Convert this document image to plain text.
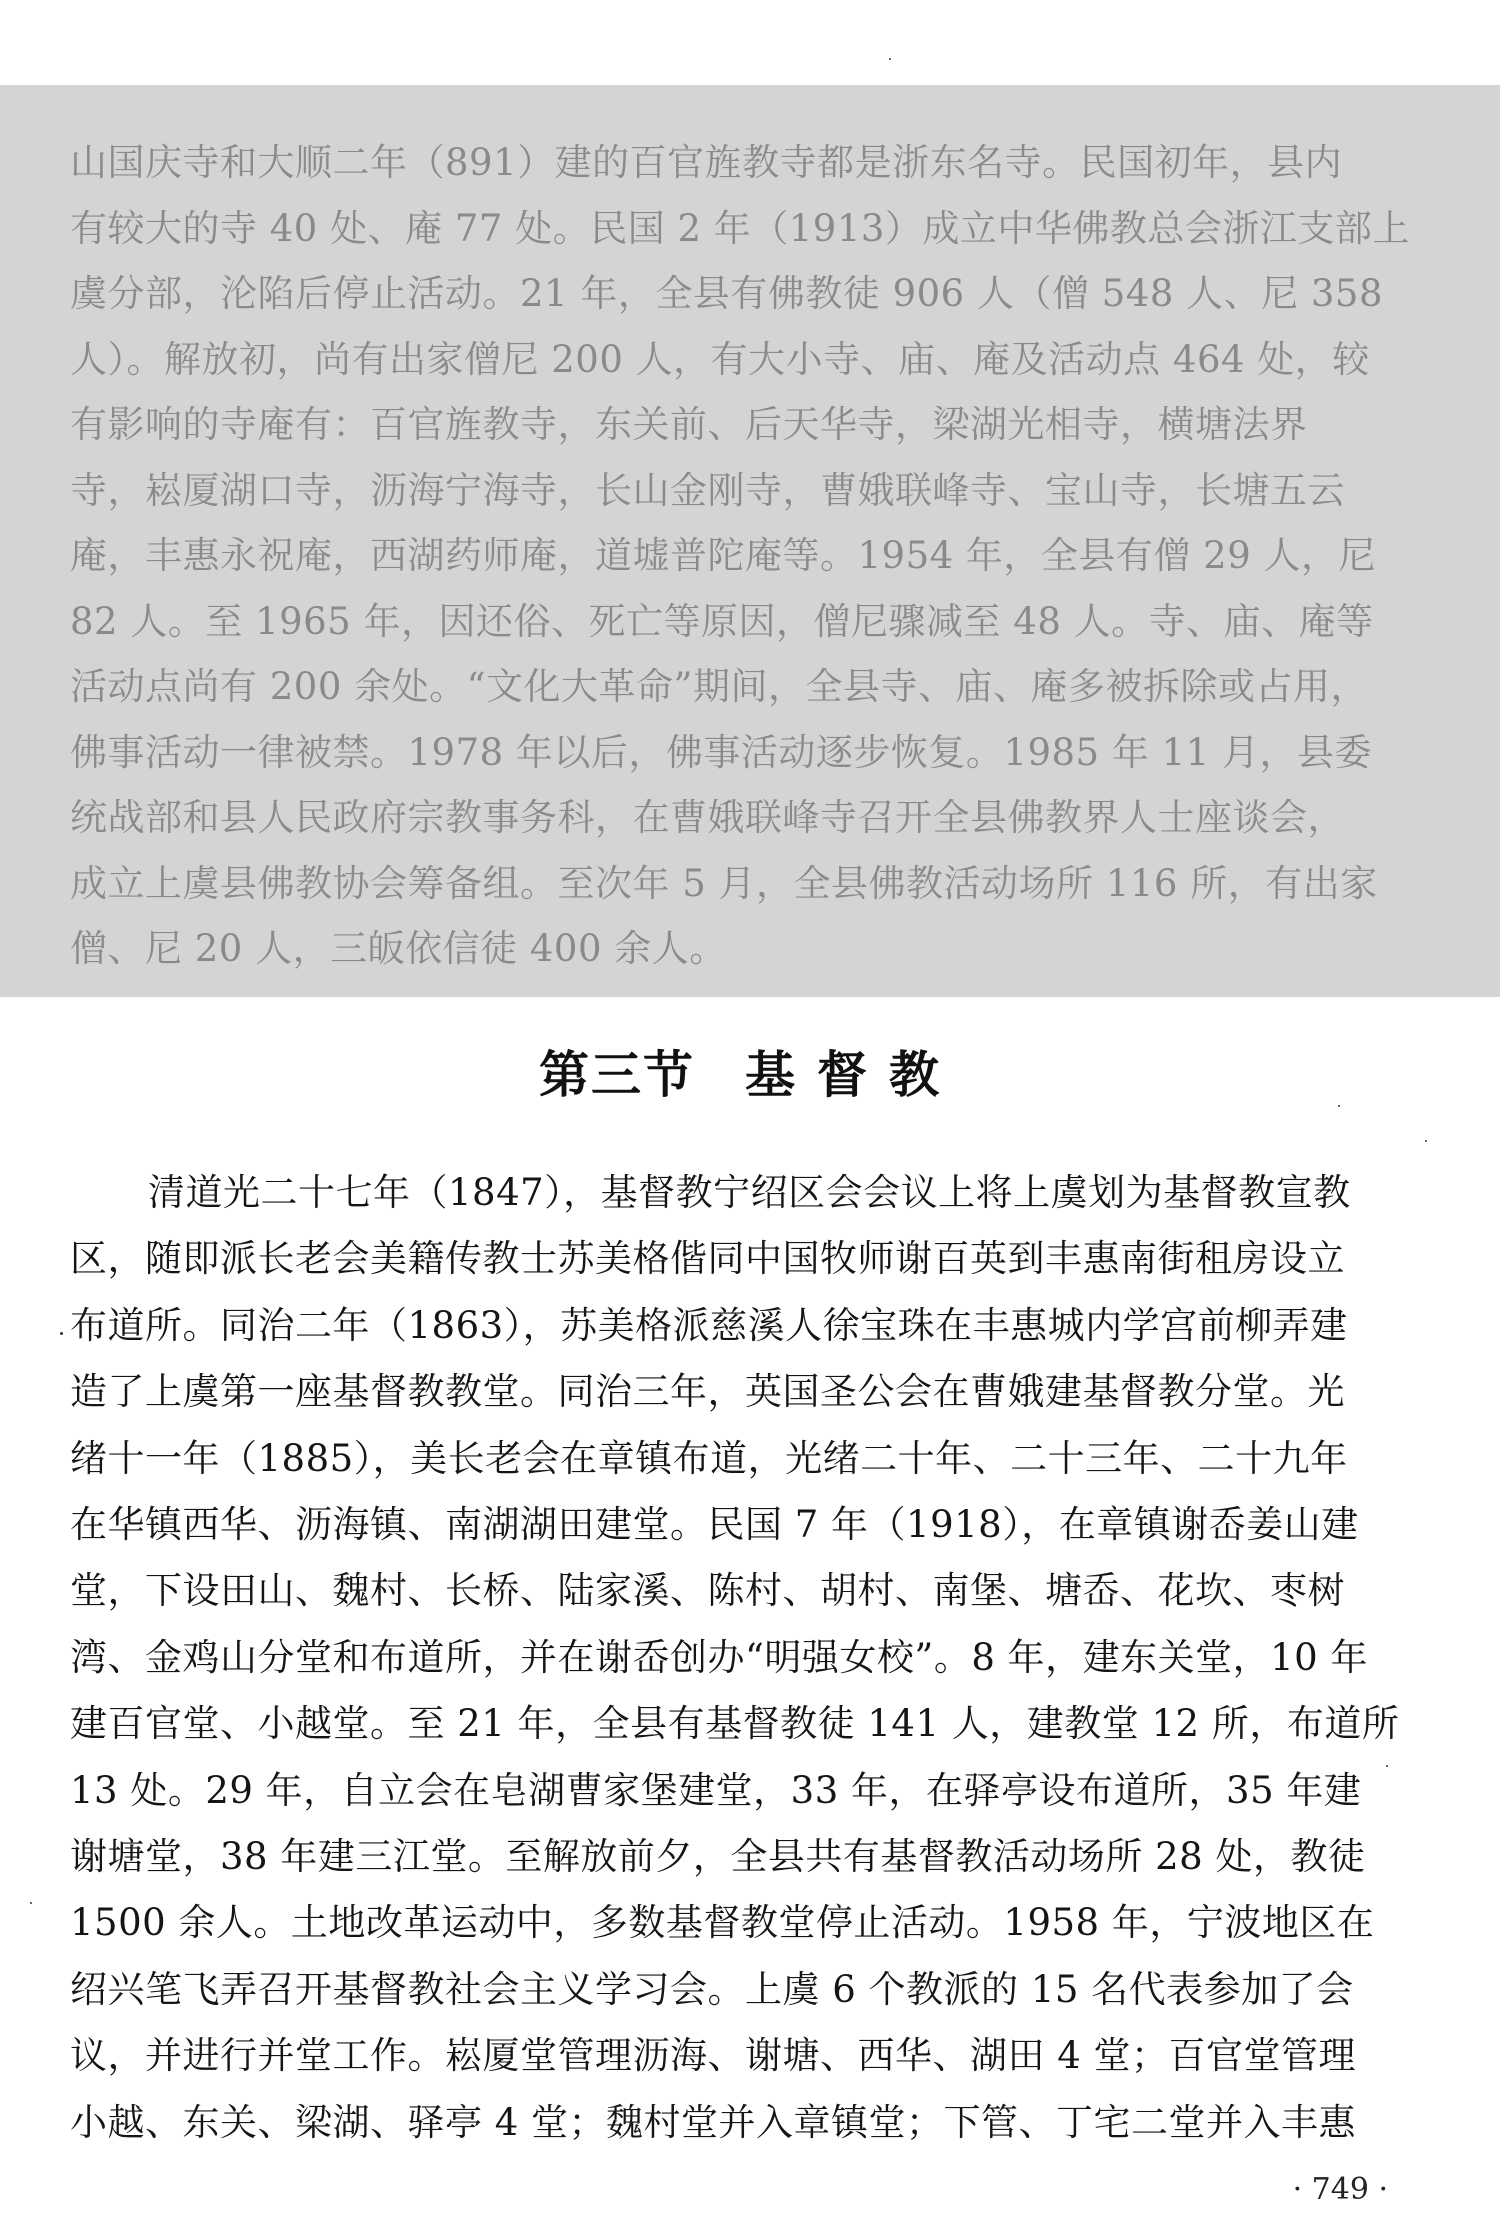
山国庆寺和大顺二年（891）建的百官旌教寺都是浙东名寺。民国初年，县内
有较大的寺 40 处、庵 77 处。民国 2 年（1913）成立中华佛教总会浙江支部上
虞分部，沦陷后停止活动。21 年，全县有佛教徒 906 人（僧 548 人、尼 358
人）。解放初，尚有出家僧尼 200 人，有大小寺、庙、庵及活动点 464 处，较
有影响的寺庵有：百官旌教寺，东关前、后天华寺，梁湖光相寺，横塘法界
寺，崧厦湖口寺，沥海宁海寺，长山金刚寺，曹娥联峰寺、宝山寺，长塘五云
庵，丰惠永祝庵，西湖药师庵，道墟普陀庵等。1954 年，全县有僧 29 人，尼
82 人。至 1965 年，因还俗、死亡等原因，僧尼骤减至 48 人。寺、庙、庵等
活动点尚有 200 余处。“文化大革命”期间，全县寺、庙、庵多被拆除或占用，
佛事活动一律被禁。1978 年以后，佛事活动逐步恢复。1985 年 11 月，县委
统战部和县人民政府宗教事务科，在曹娥联峰寺召开全县佛教界人士座谈会，
成立上虞县佛教协会筹备组。至次年 5 月，全县佛教活动场所 116 所，有出家
僧、尼 20 人，三皈依信徒 400 余人。
第三节 基督教
清道光二十七年（1847），基督教宁绍区会会议上将上虞划为基督教宣教
区，随即派长老会美籍传教士苏美格偕同中国牧师谢百英到丰惠南街租房设立
布道所。同治二年（1863），苏美格派慈溪人徐宝珠在丰惠城内学宫前柳弄建
造了上虞第一座基督教教堂。同治三年，英国圣公会在曹娥建基督教分堂。光
绪十一年（1885），美长老会在章镇布道，光绪二十年、二十三年、二十九年
在华镇西华、沥海镇、南湖湖田建堂。民国 7 年（1918），在章镇谢岙姜山建
堂，下设田山、魏村、长桥、陆家溪、陈村、胡村、南堡、塘岙、花坎、枣树
湾、金鸡山分堂和布道所，并在谢岙创办“明强女校”。8 年，建东关堂，10 年
建百官堂、小越堂。至 21 年，全县有基督教徒 141 人，建教堂 12 所，布道所
13 处。29 年，自立会在皂湖曹家堡建堂，33 年，在驿亭设布道所，35 年建
谢塘堂，38 年建三江堂。至解放前夕，全县共有基督教活动场所 28 处，教徒
1500 余人。土地改革运动中，多数基督教堂停止活动。1958 年，宁波地区在
绍兴笔飞弄召开基督教社会主义学习会。上虞 6 个教派的 15 名代表参加了会
议，并进行并堂工作。崧厦堂管理沥海、谢塘、西华、湖田 4 堂；百官堂管理
小越、东关、梁湖、驿亭 4 堂；魏村堂并入章镇堂；下管、丁宅二堂并入丰惠
· 749 ·
